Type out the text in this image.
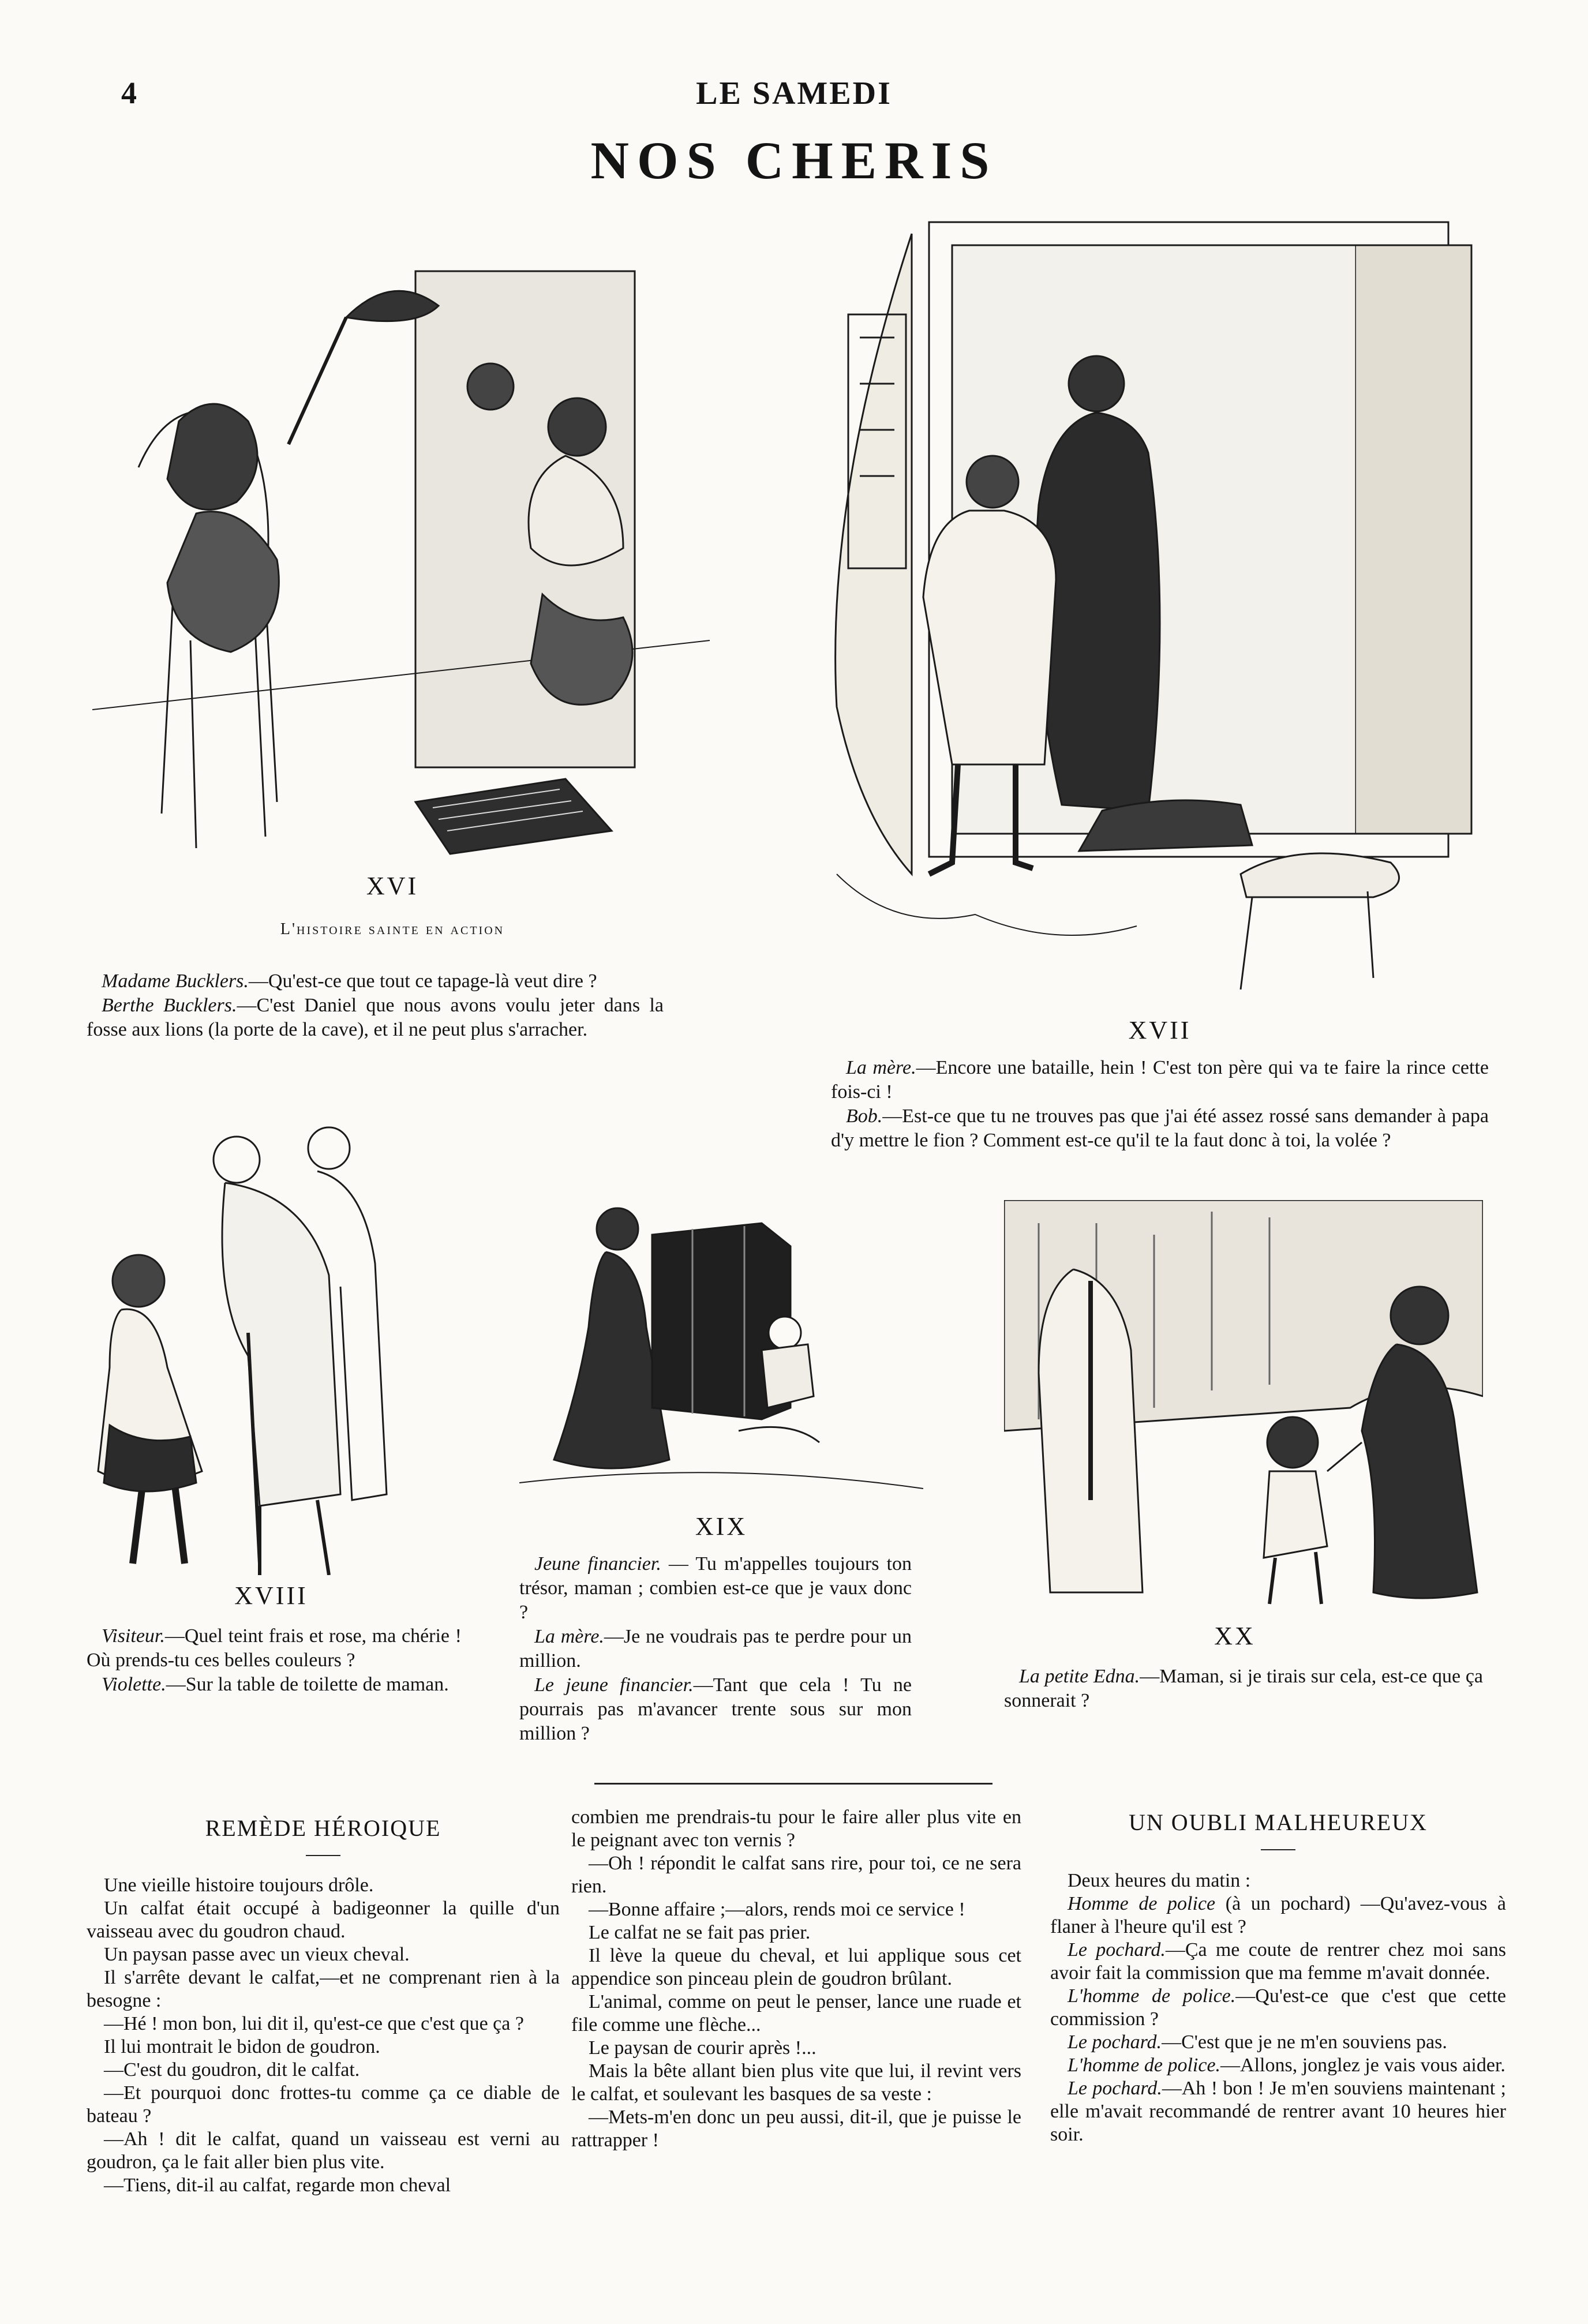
4	LE SAMEDI
NOS CHERIS
XVI
L'histoire sainte en action

Madame Bucklers.—Qu'est-ce que tout ce tapage-là veut dire ?

Berthe Bucklers.—C'est Daniel que nous avons voulu jeter dans la fosse aux lions (la porte de la cave), et il ne peut plus s'arracher.	XVII

La mère.—Encore une bataille, hein ! C'est ton père qui va te faire la rince cette fois-ci !

Bob.—Est-ce que tu ne trouves pas que j'ai été assez rossé sans demander à papa d'y mettre le fion ? Comment est-ce qu'il te la faut donc à toi, la volée ?

XVIII

Visiteur.—Quel teint frais et rose, ma chérie ! Où prends-tu ces belles couleurs ?

Violette.—Sur la table de toilette de maman.

XIX

Jeune financier. — Tu m'appelles toujours ton trésor, maman ; combien est-ce que je vaux donc ?

La mère.—Je ne voudrais pas te perdre pour un million.

Le jeune financier.—Tant que cela ! Tu ne pourrais pas m'avancer trente sous sur mon million ?

XX

La petite Edna.—Maman, si je tirais sur cela, est-ce que ça sonnerait ?

REMÈDE HÉROIQUE

Une vieille histoire toujours drôle.

Un calfat était occupé à badigeonner la quille d'un vaisseau avec du goudron chaud.

Un paysan passe avec un vieux cheval.

Il s'arrête devant le calfat,—et ne comprenant rien à la besogne :

—Hé ! mon bon, lui dit il, qu'est-ce que c'est que ça ?

Il lui montrait le bidon de goudron.

—C'est du goudron, dit le calfat.

—Et pourquoi donc frottes-tu comme ça ce diable de bateau ?

—Ah ! dit le calfat, quand un vaisseau est verni au goudron, ça le fait aller bien plus vite.

—Tiens, dit-il au calfat, regarde mon cheval

combien me prendrais-tu pour le faire aller plus vite en le peignant avec ton vernis ?

—Oh ! répondit le calfat sans rire, pour toi, ce ne sera rien.

—Bonne affaire ;—alors, rends moi ce service !

Le calfat ne se fait pas prier.

Il lève la queue du cheval, et lui applique sous cet appendice son pinceau plein de goudron brûlant.

L'animal, comme on peut le penser, lance une ruade et file comme une flèche...

Le paysan de courir après !...

Mais la bête allant bien plus vite que lui, il revint vers le calfat, et soulevant les basques de sa veste :

—Mets-m'en donc un peu aussi, dit-il, que je puisse le rattrapper !

UN OUBLI MALHEUREUX

Deux heures du matin :

Homme de police (à un pochard) —Qu'avez-vous à flaner à l'heure qu'il est ?

Le pochard.—Ça me coute de rentrer chez moi sans avoir fait la commission que ma femme m'avait donnée.

L'homme de police.—Qu'est-ce que c'est que cette commission ?

Le pochard.—C'est que je ne m'en souviens pas.

L'homme de police.—Allons, jonglez je vais vous aider.

Le pochard.—Ah ! bon ! Je m'en souviens maintenant ; elle m'avait recommandé de rentrer avant 10 heures hier soir.
